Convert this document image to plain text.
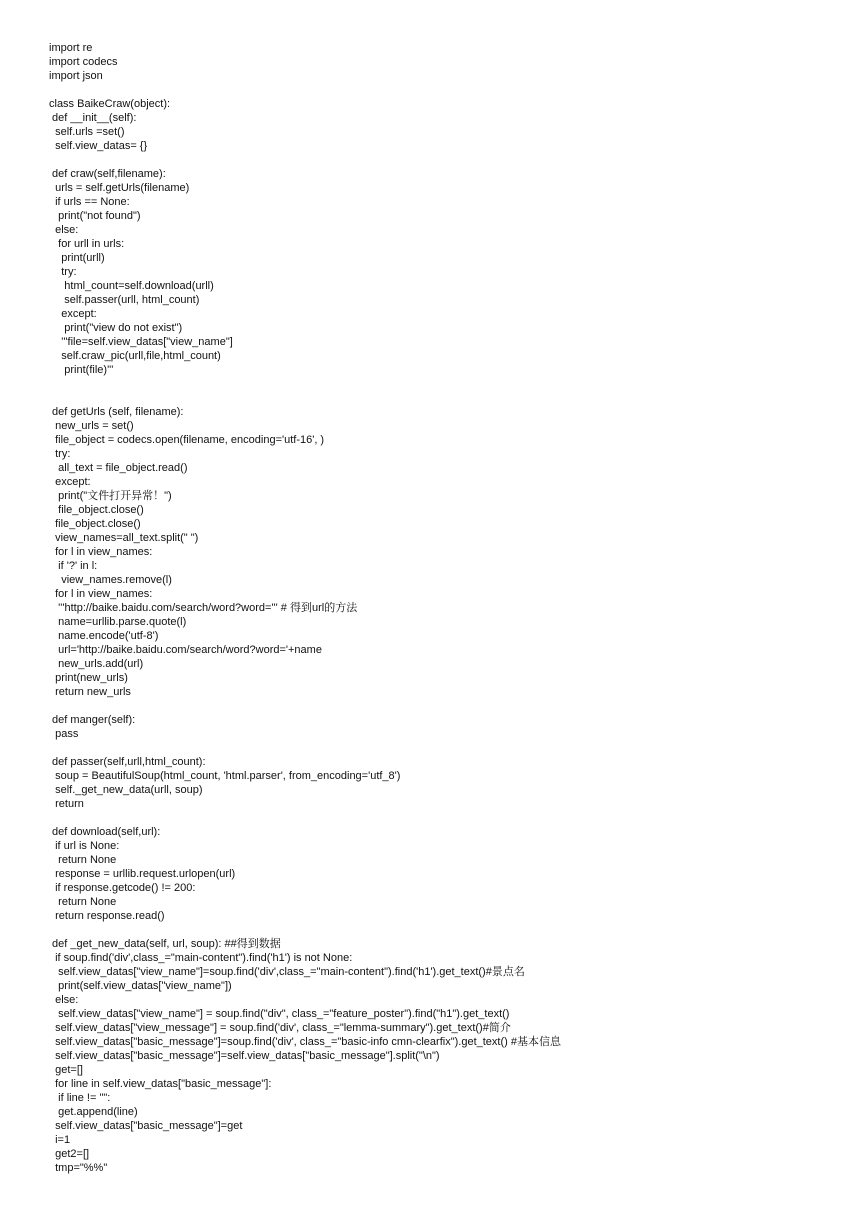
import re
import codecs
import json
class BaikeCraw(object):
def __init__(self):
self.urls =set()
self.view_datas= {}
def craw(self,filename):
urls = self.getUrls(filename)
if urls == None:
print("not found")
else:
for urll in urls:
print(urll)
try:
html_count=self.download(urll)
self.passer(urll, html_count)
except:
print("view do not exist")
'''file=self.view_datas["view_name"]
self.craw_pic(urll,file,html_count)
print(file)'''
def getUrls (self, filename):
new_urls = set()
file_object = codecs.open(filename, encoding='utf-16', )
try:
all_text = file_object.read()
except:
print("文件打开异常！")
file_object.close()
file_object.close()
view_names=all_text.split(" ")
for l in view_names:
if '?' in l:
view_names.remove(l)
for l in view_names:
'''http://baike.baidu.com/search/word?word=''' # 得到url的方法
name=urllib.parse.quote(l)
name.encode('utf-8')
url='http://baike.baidu.com/search/word?word='+name
new_urls.add(url)
print(new_urls)
return new_urls
def manger(self):
pass
def passer(self,urll,html_count):
soup = BeautifulSoup(html_count, 'html.parser', from_encoding='utf_8')
self._get_new_data(urll, soup)
return
def download(self,url):
if url is None:
return None
response = urllib.request.urlopen(url)
if response.getcode() != 200:
return None
return response.read()
def _get_new_data(self, url, soup): ##得到数据
if soup.find('div',class_="main-content").find('h1') is not None:
self.view_datas["view_name"]=soup.find('div',class_="main-content").find('h1').get_text()#景点名
print(self.view_datas["view_name"])
else:
self.view_datas["view_name"] = soup.find("div", class_="feature_poster").find("h1").get_text()
self.view_datas["view_message"] = soup.find('div', class_="lemma-summary").get_text()#简介
self.view_datas["basic_message"]=soup.find('div', class_="basic-info cmn-clearfix").get_text() #基本信息
self.view_datas["basic_message"]=self.view_datas["basic_message"].split("\n")
get=[]
for line in self.view_datas["basic_message"]:
if line != "":
get.append(line)
self.view_datas["basic_message"]=get
i=1
get2=[]
tmp="%%"
